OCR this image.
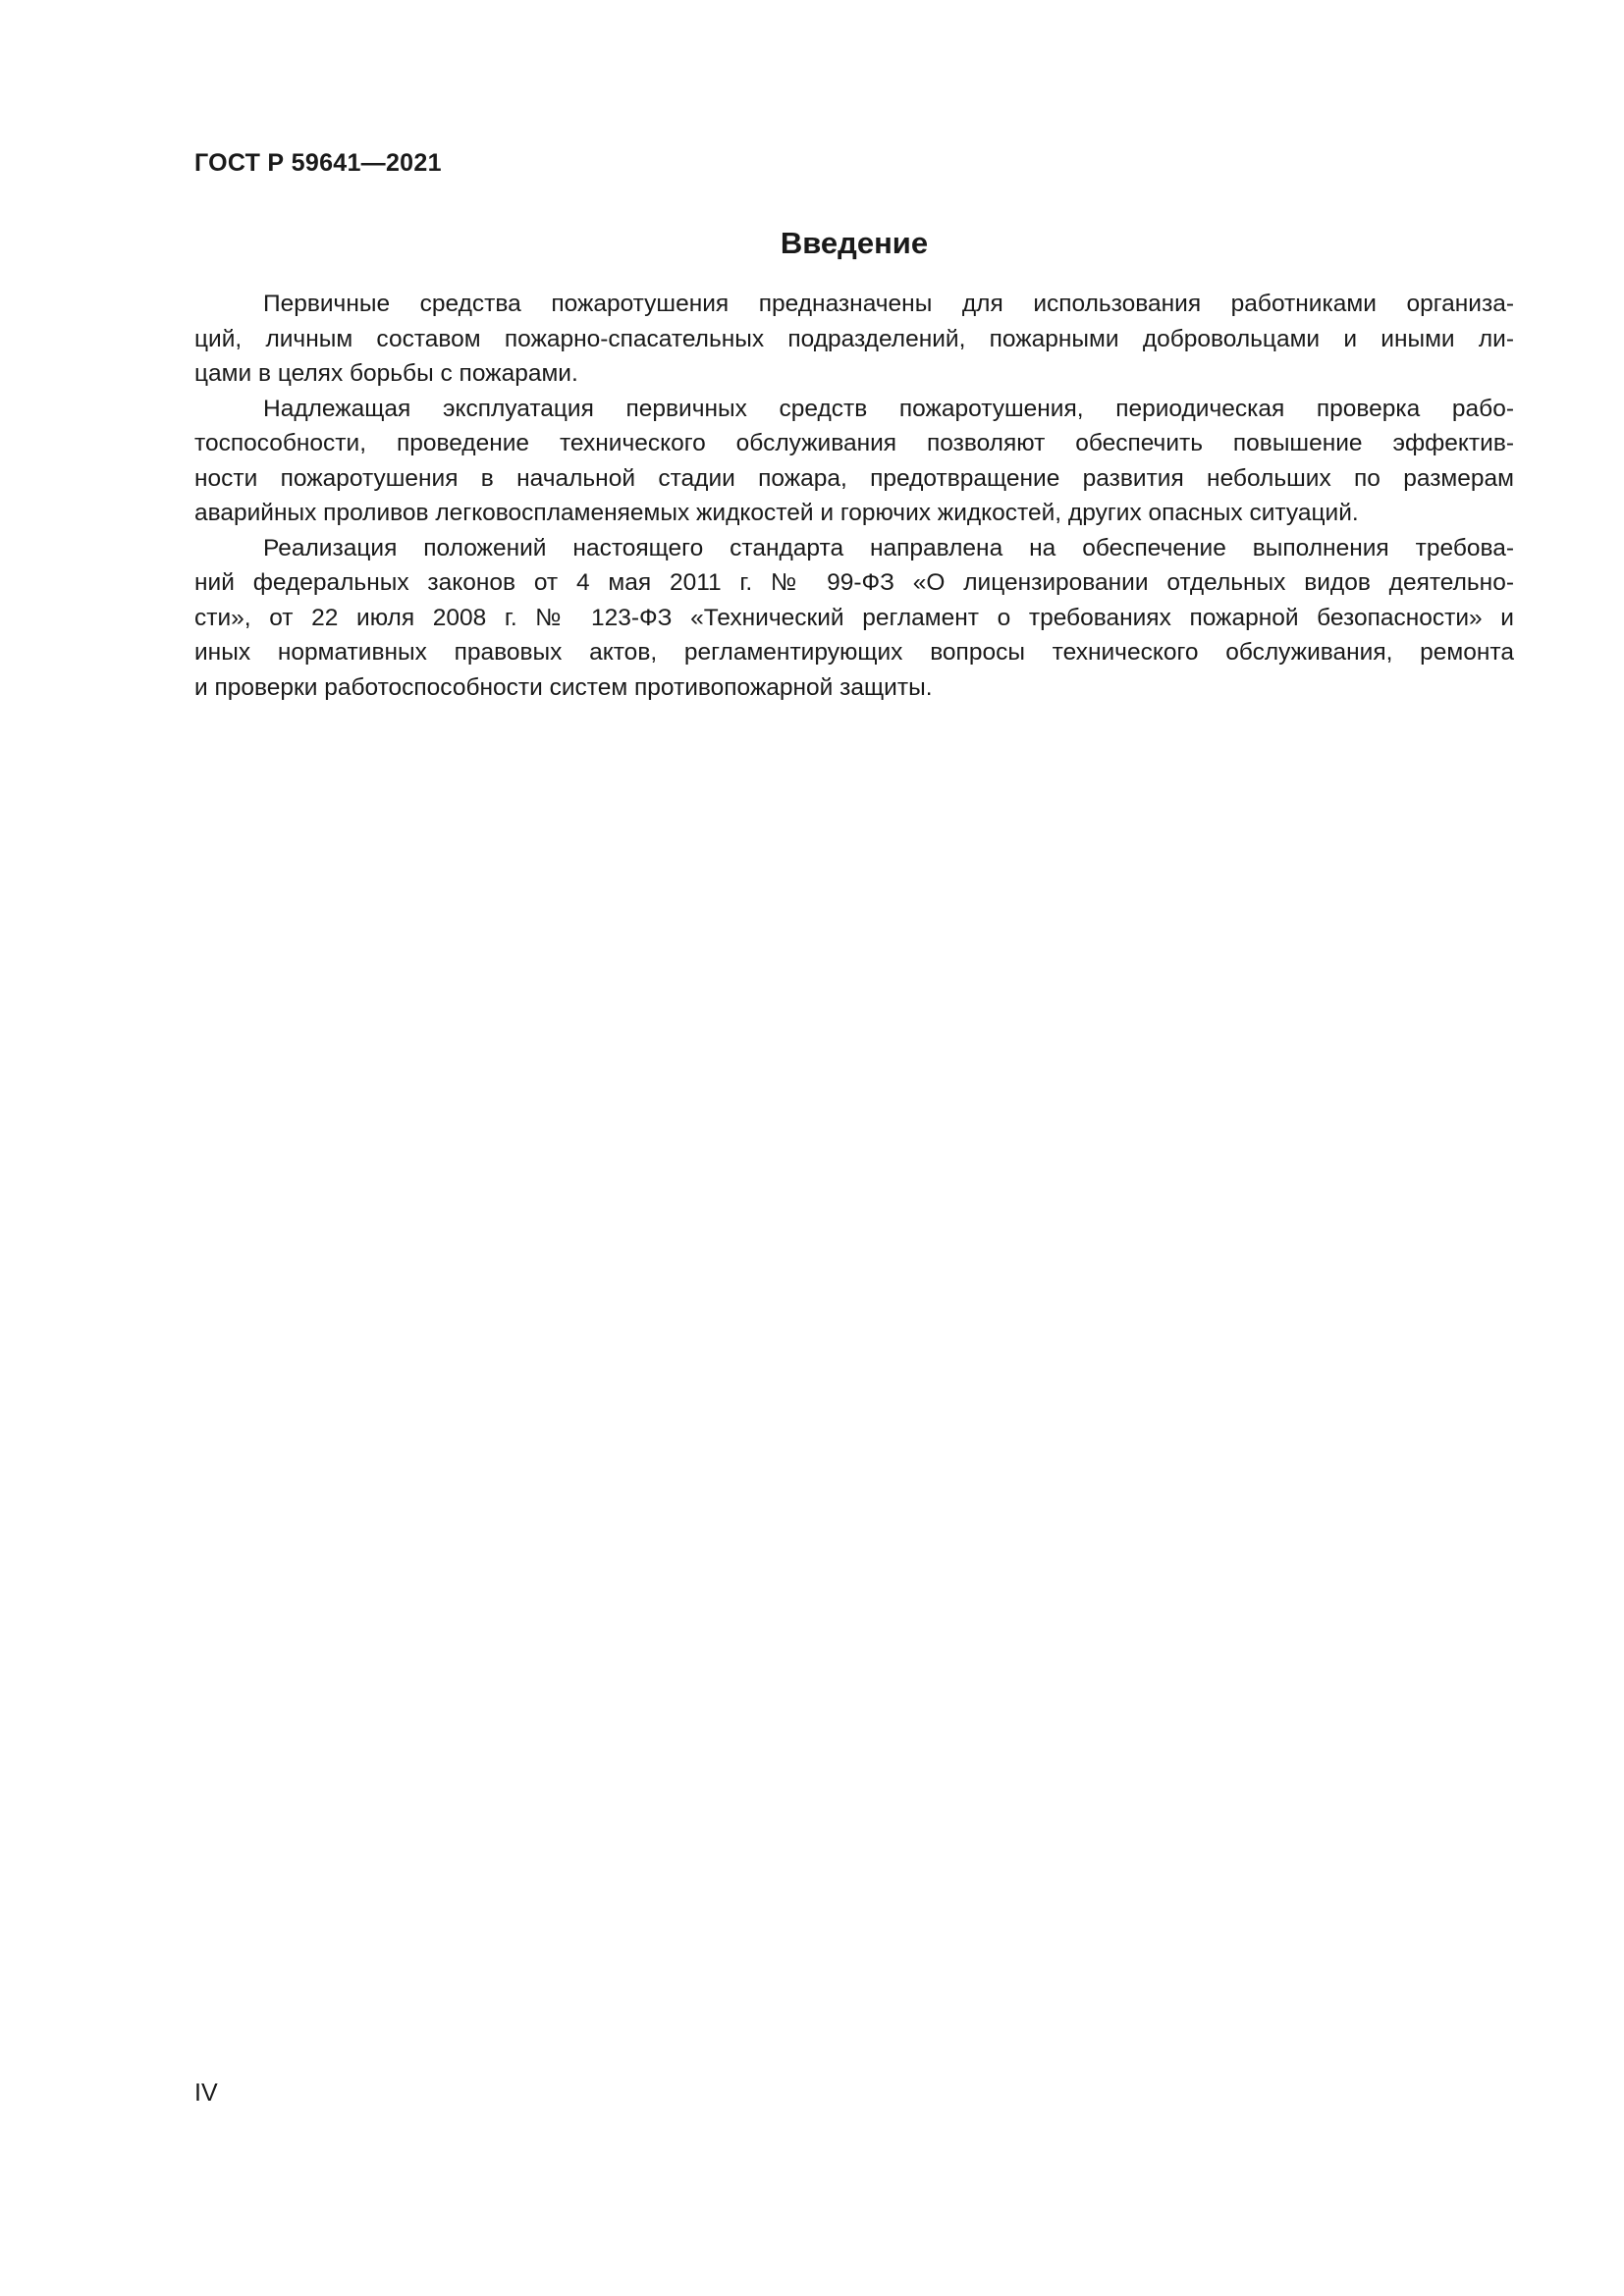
ГОСТ Р 59641—2021
Введение
Первичные средства пожаротушения предназначены для использования работниками организа-
ций, личным составом пожарно-спасательных подразделений, пожарными добровольцами и иными ли-
цами в целях борьбы с пожарами.
Надлежащая эксплуатация первичных средств пожаротушения, периодическая проверка рабо-
тоспособности, проведение технического обслуживания позволяют обеспечить повышение эффектив-
ности пожаротушения в начальной стадии пожара, предотвращение развития небольших по размерам
аварийных проливов легковоспламеняемых жидкостей и горючих жидкостей, других опасных ситуаций.
Реализация положений настоящего стандарта направлена на обеспечение выполнения требова-
ний федеральных законов от 4 мая 2011 г. № 99-ФЗ «О лицензировании отдельных видов деятельно-
сти», от 22 июля 2008 г. № 123-ФЗ «Технический регламент о требованиях пожарной безопасности» и
иных нормативных правовых актов, регламентирующих вопросы технического обслуживания, ремонта
и проверки работоспособности систем противопожарной защиты.
IV
